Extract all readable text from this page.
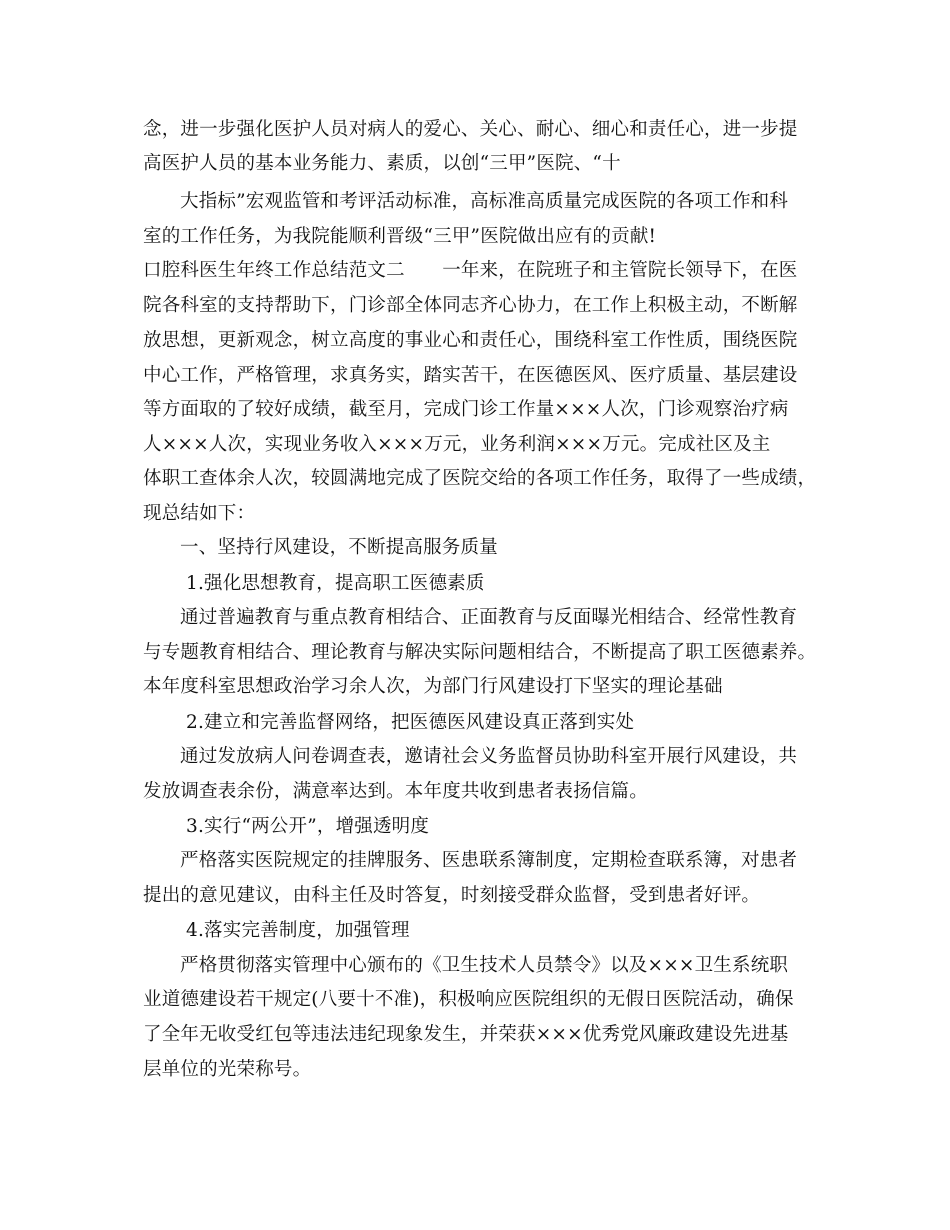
念，进一步强化医护人员对病人的爱心、关心、耐心、细心和责任心，进一步提
高医护人员的基本业务能力、素质，以创“三甲”医院、“十
大指标”宏观监管和考评活动标准，高标准高质量完成医院的各项工作和科
室的工作任务，为我院能顺利晋级“三甲”医院做出应有的贡献!
口腔科医生年终工作总结范文二　　一年来，在院班子和主管院长领导下，在医
院各科室的支持帮助下，门诊部全体同志齐心协力，在工作上积极主动，不断解
放思想，更新观念，树立高度的事业心和责任心，围绕科室工作性质，围绕医院
中心工作，严格管理，求真务实，踏实苦干，在医德医风、医疗质量、基层建设
等方面取的了较好成绩，截至月，完成门诊工作量×××人次，门诊观察治疗病
人×××人次，实现业务收入×××万元，业务利润×××万元。完成社区及主
体职工查体余人次，较圆满地完成了医院交给的各项工作任务，取得了一些成绩，
现总结如下：
一、坚持行风建设，不断提高服务质量
1.强化思想教育，提高职工医德素质
通过普遍教育与重点教育相结合、正面教育与反面曝光相结合、经常性教育
与专题教育相结合、理论教育与解决实际问题相结合，不断提高了职工医德素养。
本年度科室思想政治学习余人次，为部门行风建设打下坚实的理论基础
2.建立和完善监督网络，把医德医风建设真正落到实处
通过发放病人问卷调查表，邀请社会义务监督员协助科室开展行风建设，共
发放调查表余份，满意率达到。本年度共收到患者表扬信篇。
3.实行“两公开”，增强透明度
严格落实医院规定的挂牌服务、医患联系簿制度，定期检查联系簿，对患者
提出的意见建议，由科主任及时答复，时刻接受群众监督，受到患者好评。
4.落实完善制度，加强管理
严格贯彻落实管理中心颁布的《卫生技术人员禁令》以及×××卫生系统职
业道德建设若干规定(八要十不准)，积极响应医院组织的无假日医院活动，确保
了全年无收受红包等违法违纪现象发生，并荣获×××优秀党风廉政建设先进基
层单位的光荣称号。
